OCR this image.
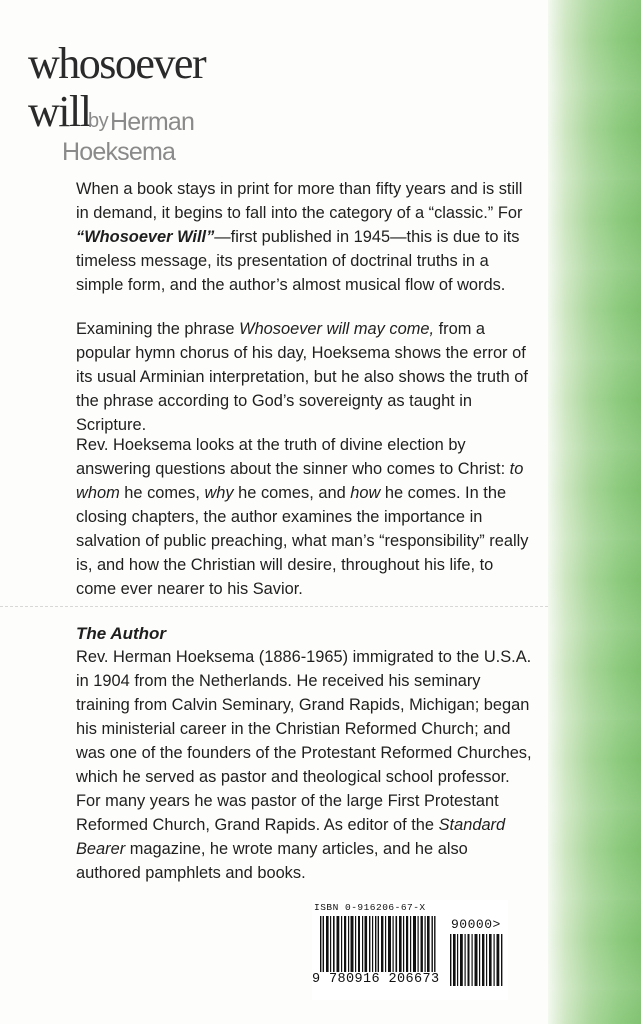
whosoever
will
by Herman
Hoeksema

When a book stays in print for more than fifty years and is still in demand, it begins to fall into the category of a “classic.” For “Whosoever Will”—first published in 1945—this is due to its timeless message, its presentation of doctrinal truths in a simple form, and the author’s almost musical flow of words.

Examining the phrase Whosoever will may come, from a popular hymn chorus of his day, Hoeksema shows the error of its usual Arminian interpretation, but he also shows the truth of the phrase according to God’s sovereignty as taught in Scripture.

Rev. Hoeksema looks at the truth of divine election by answering questions about the sinner who comes to Christ: to whom he comes, why he comes, and how he comes. In the closing chapters, the author examines the importance in salvation of public preaching, what man’s “responsibility” really is, and how the Christian will desire, throughout his life, to come ever nearer to his Savior.

The Author

Rev. Herman Hoeksema (1886-1965) immigrated to the U.S.A. in 1904 from the Netherlands. He received his seminary training from Calvin Seminary, Grand Rapids, Michigan; began his ministerial career in the Christian Reformed Church; and was one of the founders of the Protestant Reformed Churches, which he served as pastor and theological school professor. For many years he was pastor of the large First Protestant Reformed Church, Grand Rapids. As editor of the Standard Bearer magazine, he wrote many articles, and he also authored pamphlets and books.

ISBN 0-916206-67-X
90000>
9 780916 206673
